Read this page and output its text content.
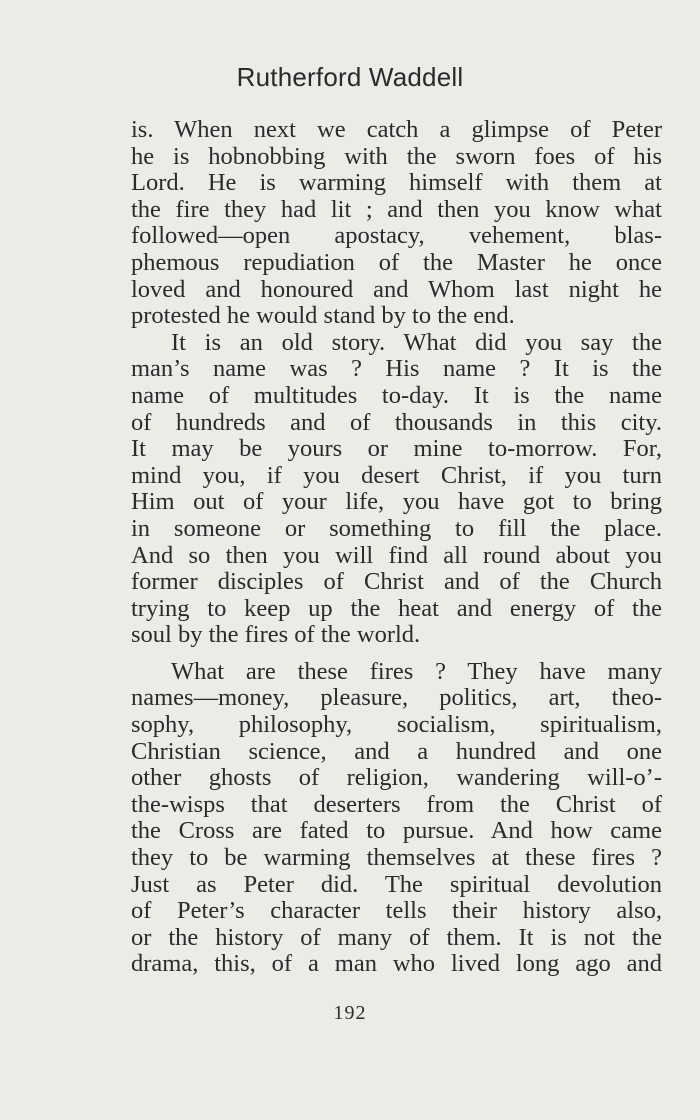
Rutherford Waddell

is. When next we catch a glimpse of Peter
he is hobnobbing with the sworn foes of his
Lord. He is warming himself with them at
the fire they had lit ; and then you know what
followed—open apostacy, vehement, blas-
phemous repudiation of the Master he once
loved and honoured and Whom last night he
protested he would stand by to the end.

It is an old story. What did you say the
man’s name was ? His name ? It is the
name of multitudes to-day. It is the name
of hundreds and of thousands in this city.
It may be yours or mine to-morrow. For,
mind you, if you desert Christ, if you turn
Him out of your life, you have got to bring
in someone or something to fill the place.
And so then you will find all round about you
former disciples of Christ and of the Church
trying to keep up the heat and energy of the
soul by the fires of the world.

What are these fires ? They have many
names—money, pleasure, politics, art, theo-
sophy, philosophy, socialism, spiritualism,
Christian science, and a hundred and one
other ghosts of religion, wandering will-o’-
the-wisps that deserters from the Christ of
the Cross are fated to pursue. And how came
they to be warming themselves at these fires ?
Just as Peter did. The spiritual devolution
of Peter’s character tells their history also,
or the history of many of them. It is not the
drama, this, of a man who lived long ago and

192
